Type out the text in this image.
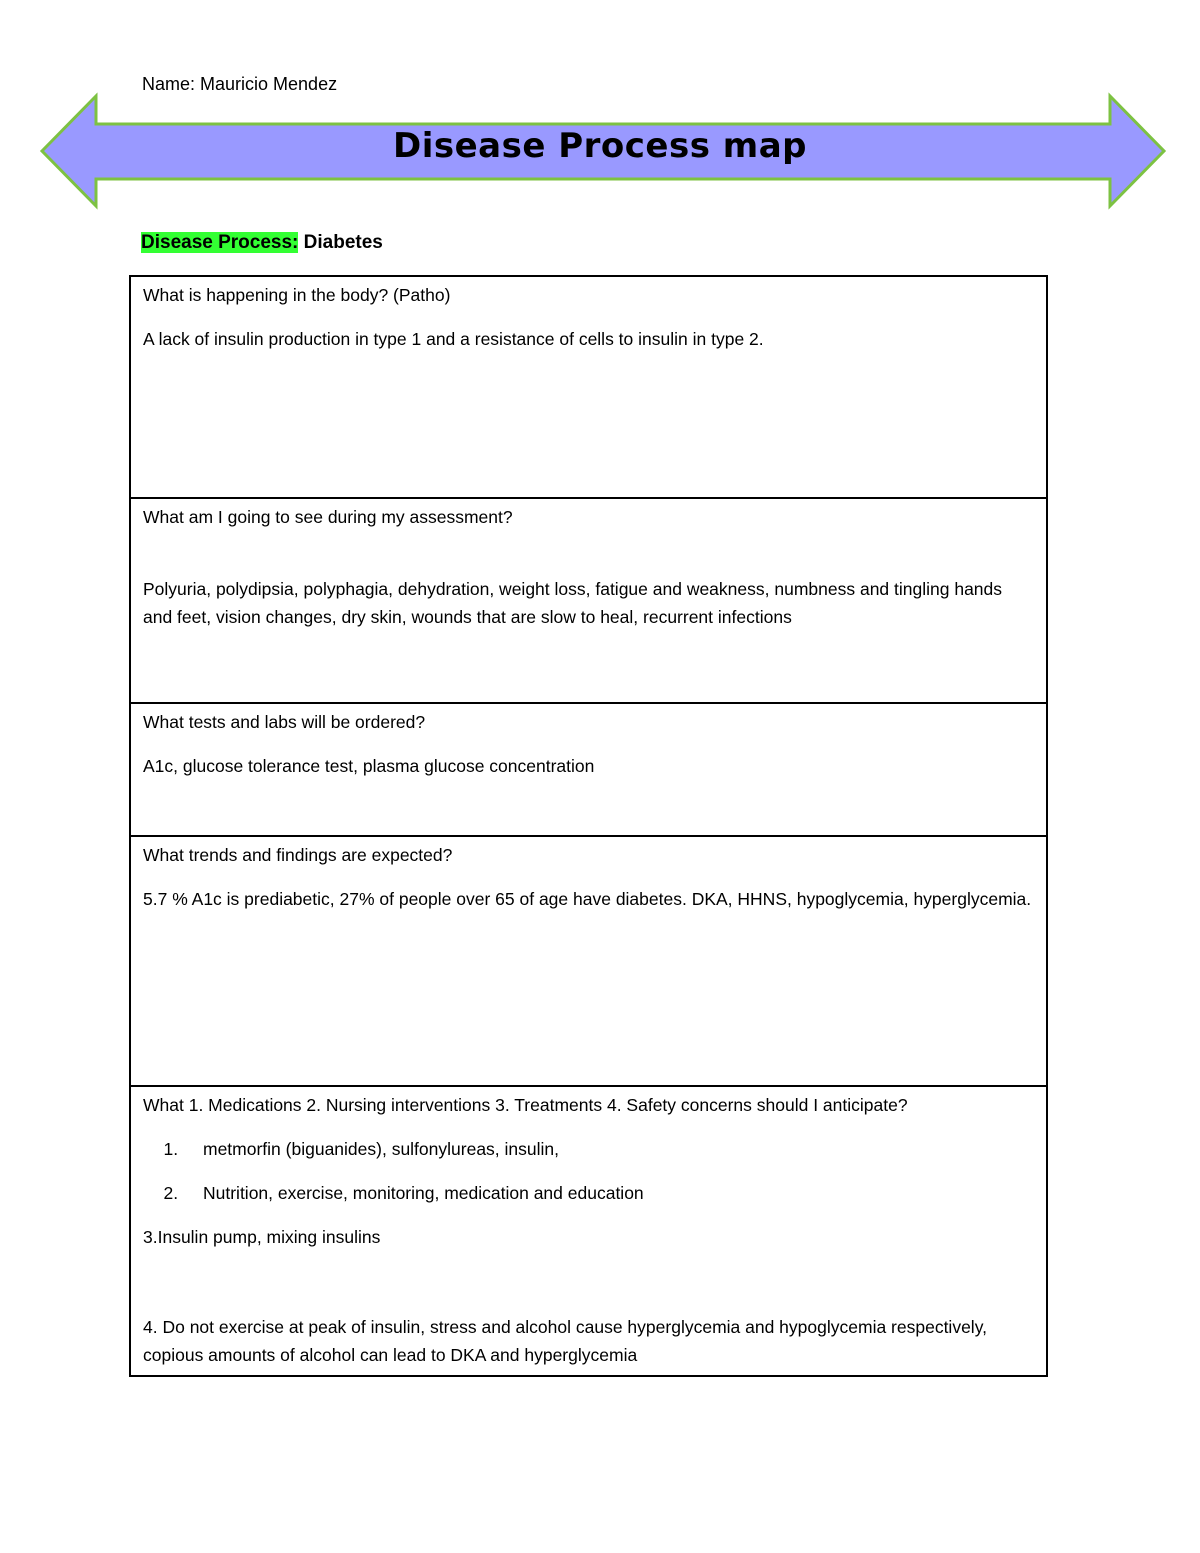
Name: Mauricio Mendez
Disease Process map
Disease Process: Diabetes

What is happening in the body? (Patho)

A lack of insulin production in type 1 and a resistance of cells to insulin in type 2.

What am I going to see during my assessment?

Polyuria, polydipsia, polyphagia, dehydration, weight loss, fatigue and weakness, numbness and tingling hands and feet, vision changes, dry skin, wounds that are slow to heal, recurrent infections

What tests and labs will be ordered?

A1c, glucose tolerance test, plasma glucose concentration

What trends and findings are expected?

5.7 % A1c is prediabetic, 27% of people over 65 of age have diabetes. DKA, HHNS, hypoglycemia, hyperglycemia.

What 1. Medications 2. Nursing interventions 3. Treatments 4. Safety concerns should I anticipate?

1. metmorfin (biguanides), sulfonylureas, insulin,
2. Nutrition, exercise, monitoring, medication and education

3.Insulin pump, mixing insulins

4. Do not exercise at peak of insulin, stress and alcohol cause hyperglycemia and hypoglycemia respectively, copious amounts of alcohol can lead to DKA and hyperglycemia
